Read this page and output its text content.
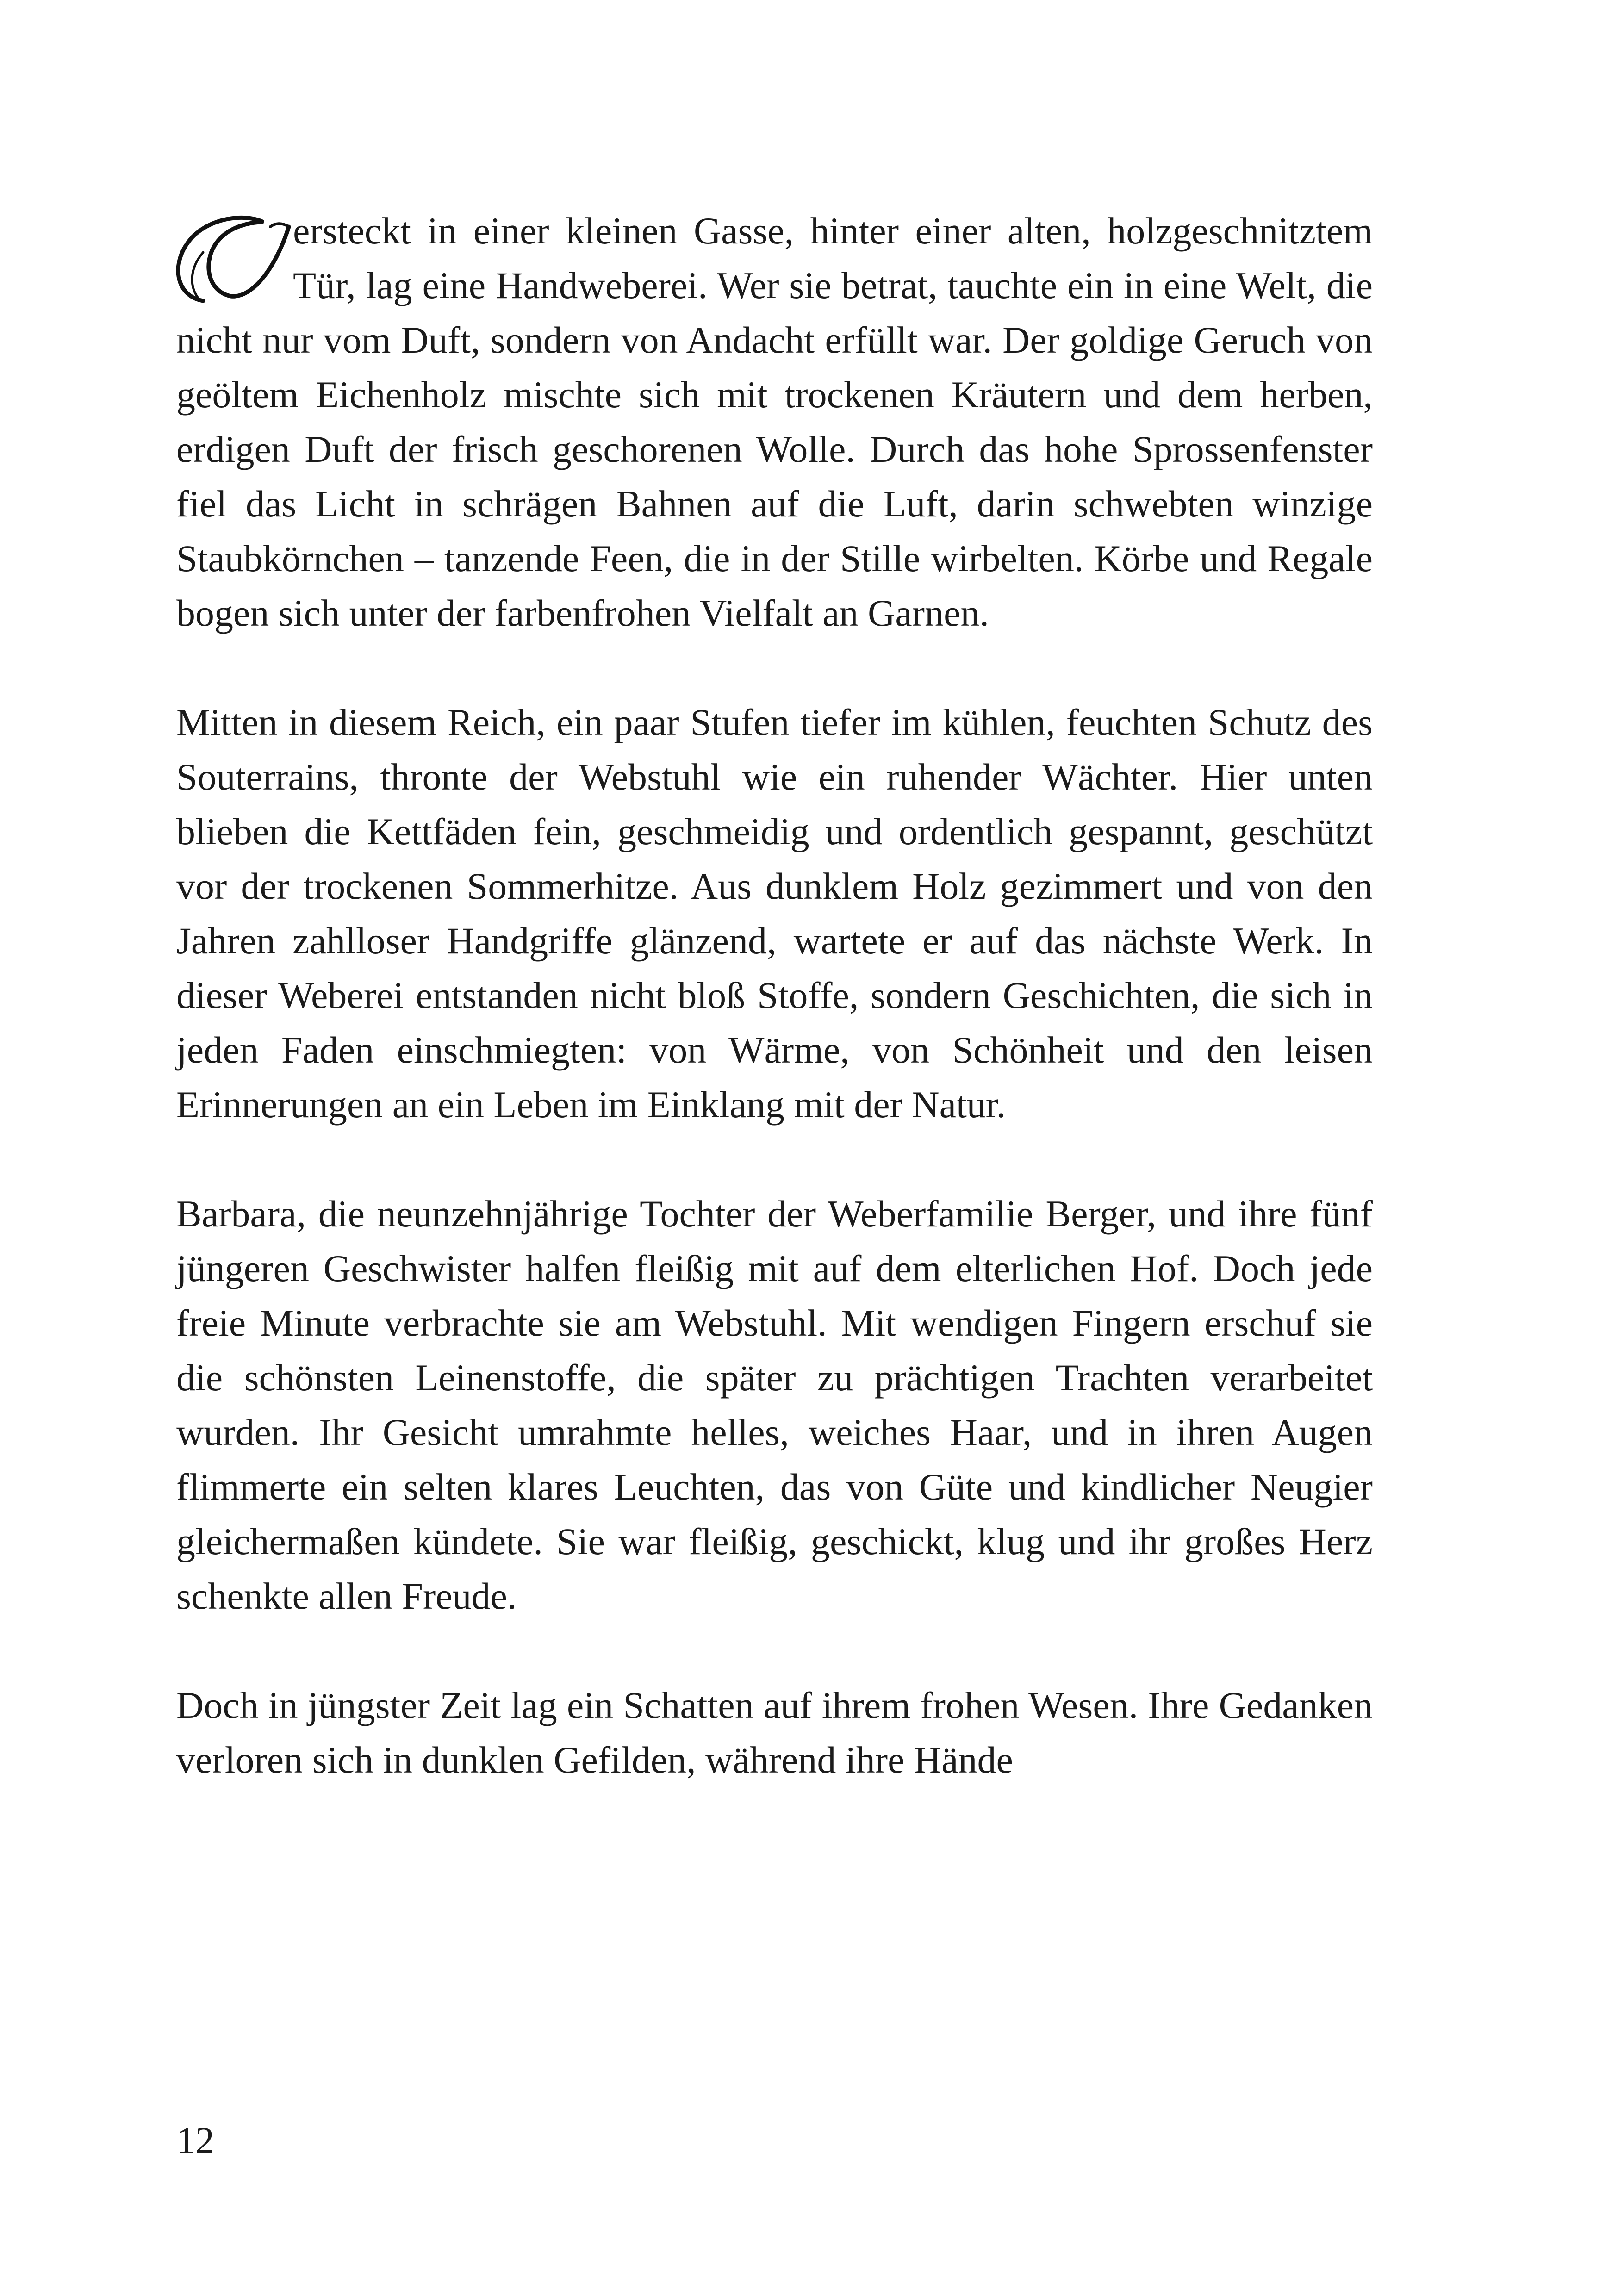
ersteckt in einer kleinen Gasse, hinter einer alten, holzgeschnitztem Tür, lag eine Handweberei. Wer sie betrat, tauchte ein in eine Welt, die nicht nur vom Duft, sondern von Andacht erfüllt war. Der goldige Geruch von geöltem Eichenholz mischte sich mit trockenen Kräutern und dem herben, erdigen Duft der frisch geschorenen Wolle. Durch das hohe Sprossenfenster fiel das Licht in schrägen Bahnen auf die Luft, darin schwebten winzige Staubkörnchen – tanzende Feen, die in der Stille wirbelten. Körbe und Regale bogen sich unter der farbenfrohen Vielfalt an Garnen.

Mitten in diesem Reich, ein paar Stufen tiefer im kühlen, feuchten Schutz des Souterrains, thronte der Webstuhl wie ein ruhender Wächter. Hier unten blieben die Kettfäden fein, geschmeidig und ordentlich gespannt, geschützt vor der trockenen Sommerhitze. Aus dunklem Holz gezimmert und von den Jahren zahlloser Handgriffe glänzend, wartete er auf das nächste Werk. In dieser Weberei entstanden nicht bloß Stoffe, sondern Geschichten, die sich in jeden Faden einschmiegten: von Wärme, von Schönheit und den leisen Erinnerungen an ein Leben im Einklang mit der Natur.

Barbara, die neunzehnjährige Tochter der Weberfamilie Berger, und ihre fünf jüngeren Geschwister halfen fleißig mit auf dem elterlichen Hof. Doch jede freie Minute verbrachte sie am Webstuhl. Mit wendigen Fingern erschuf sie die schönsten Leinenstoffe, die später zu prächtigen Trachten verarbeitet wurden. Ihr Gesicht umrahmte helles, weiches Haar, und in ihren Augen flimmerte ein selten klares Leuchten, das von Güte und kindlicher Neugier gleichermaßen kündete. Sie war fleißig, geschickt, klug und ihr großes Herz schenkte allen Freude.

Doch in jüngster Zeit lag ein Schatten auf ihrem frohen Wesen. Ihre Gedanken verloren sich in dunklen Gefilden, während ihre Hände

12
